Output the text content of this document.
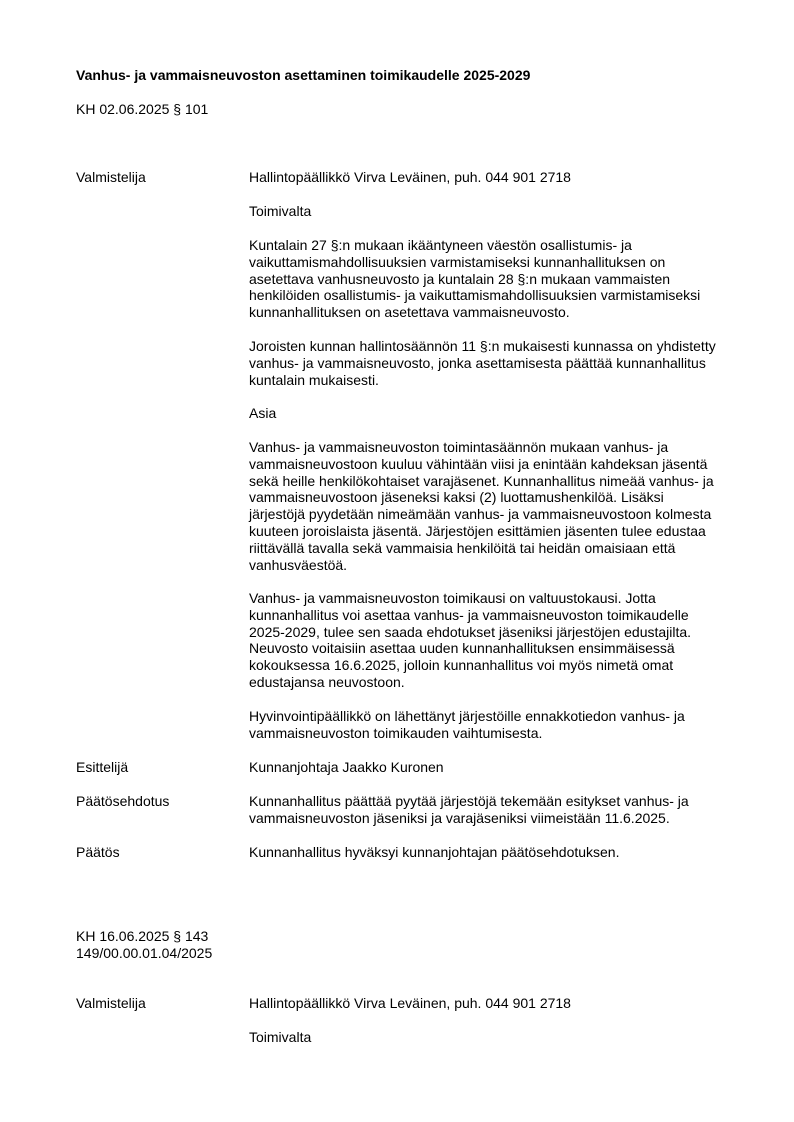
Vanhus- ja vammaisneuvoston asettaminen toimikaudelle 2025-2029
KH 02.06.2025 § 101
Valmistelija	Hallintopäällikkö Virva Leväinen, puh. 044 901 2718
Toimivalta
Kuntalain 27 §:n mukaan ikääntyneen väestön osallistumis- ja vaikuttamismahdollisuuksien varmistamiseksi kunnanhallituksen on asetettava vanhusneuvosto ja kuntalain 28 §:n mukaan vammaisten henkilöiden osallistumis- ja vaikuttamismahdollisuuksien varmistamiseksi kunnanhallituksen on asetettava vammaisneuvosto.
Joroisten kunnan hallintosäännön 11 §:n mukaisesti kunnassa on yhdistetty vanhus- ja vammaisneuvosto, jonka asettamisesta päättää kunnanhallitus kuntalain mukaisesti.
Asia
Vanhus- ja vammaisneuvoston toimintasäännön mukaan vanhus- ja vammaisneuvostoon kuuluu vähintään viisi ja enintään kahdeksan jäsentä sekä heille henkilökohtaiset varajäsenet. Kunnanhallitus nimeää vanhus- ja vammaisneuvostoon jäseneksi kaksi (2) luottamushenkilöä. Lisäksi järjestöjä pyydetään nimeämään vanhus- ja vammaisneuvostoon kolmesta kuuteen joroislaista jäsentä. Järjestöjen esittämien jäsenten tulee edustaa riittävällä tavalla sekä vammaisia henkilöitä tai heidän omaisiaan että vanhusväestöä.
Vanhus- ja vammaisneuvoston toimikausi on valtuustokausi. Jotta kunnanhallitus voi asettaa vanhus- ja vammaisneuvoston toimikaudelle 2025-2029, tulee sen saada ehdotukset jäseniksi järjestöjen edustajilta. Neuvosto voitaisiin asettaa uuden kunnanhallituksen ensimmäisessä kokouksessa 16.6.2025, jolloin kunnanhallitus voi myös nimetä omat edustajansa neuvostoon.
Hyvinvointipäällikkö on lähettänyt järjestöille ennakkotiedon vanhus- ja vammaisneuvoston toimikauden vaihtumisesta.
Esittelijä	Kunnanjohtaja Jaakko Kuronen
Päätösehdotus	Kunnanhallitus päättää pyytää järjestöjä tekemään esitykset vanhus- ja vammaisneuvoston jäseniksi ja varajäseniksi viimeistään 11.6.2025.
Päätös	Kunnanhallitus hyväksyi kunnanjohtajan päätösehdotuksen.
KH 16.06.2025 § 143
149/00.00.01.04/2025
Valmistelija	Hallintopäällikkö Virva Leväinen, puh. 044 901 2718
Toimivalta
